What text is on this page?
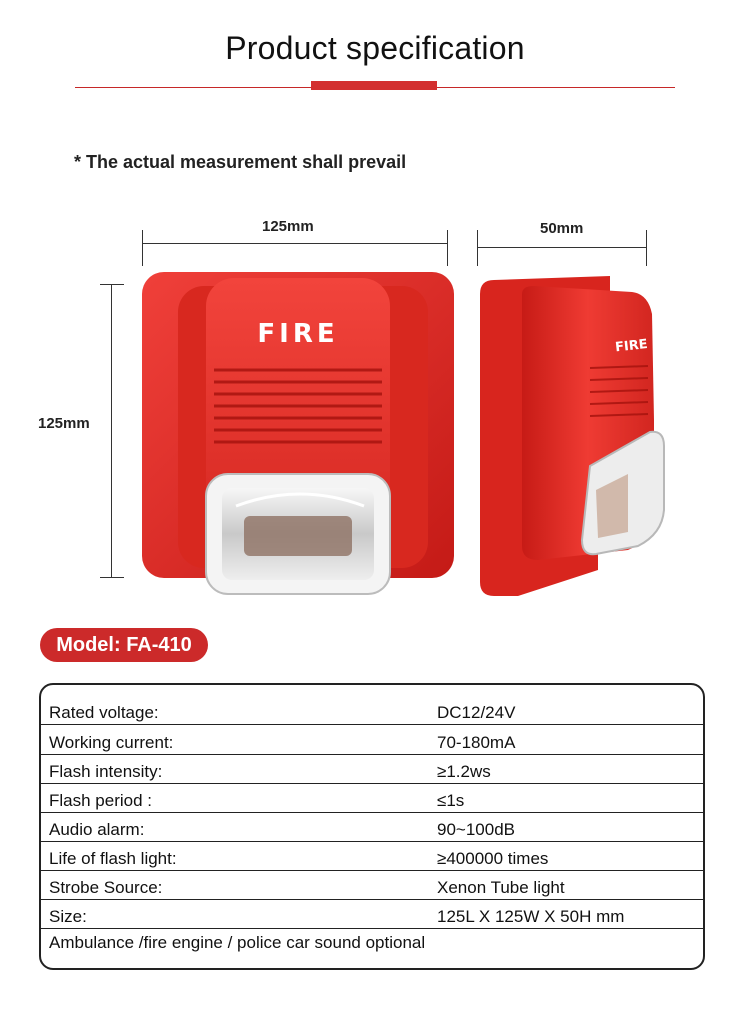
Product specification
* The actual measurement shall prevail
125mm	50mm
125mm
FIRE	FIRE
Model: FA-410
Rated voltage:	DC12/24V
Working current:	70-180mA
Flash intensity:	≥1.2ws
Flash period :	≤1s
Audio alarm:	90~100dB
Life of flash light:	≥400000 times
Strobe Source:	Xenon Tube light
Size:	125L X 125W X 50H mm
Ambulance /fire engine / police car sound optional
